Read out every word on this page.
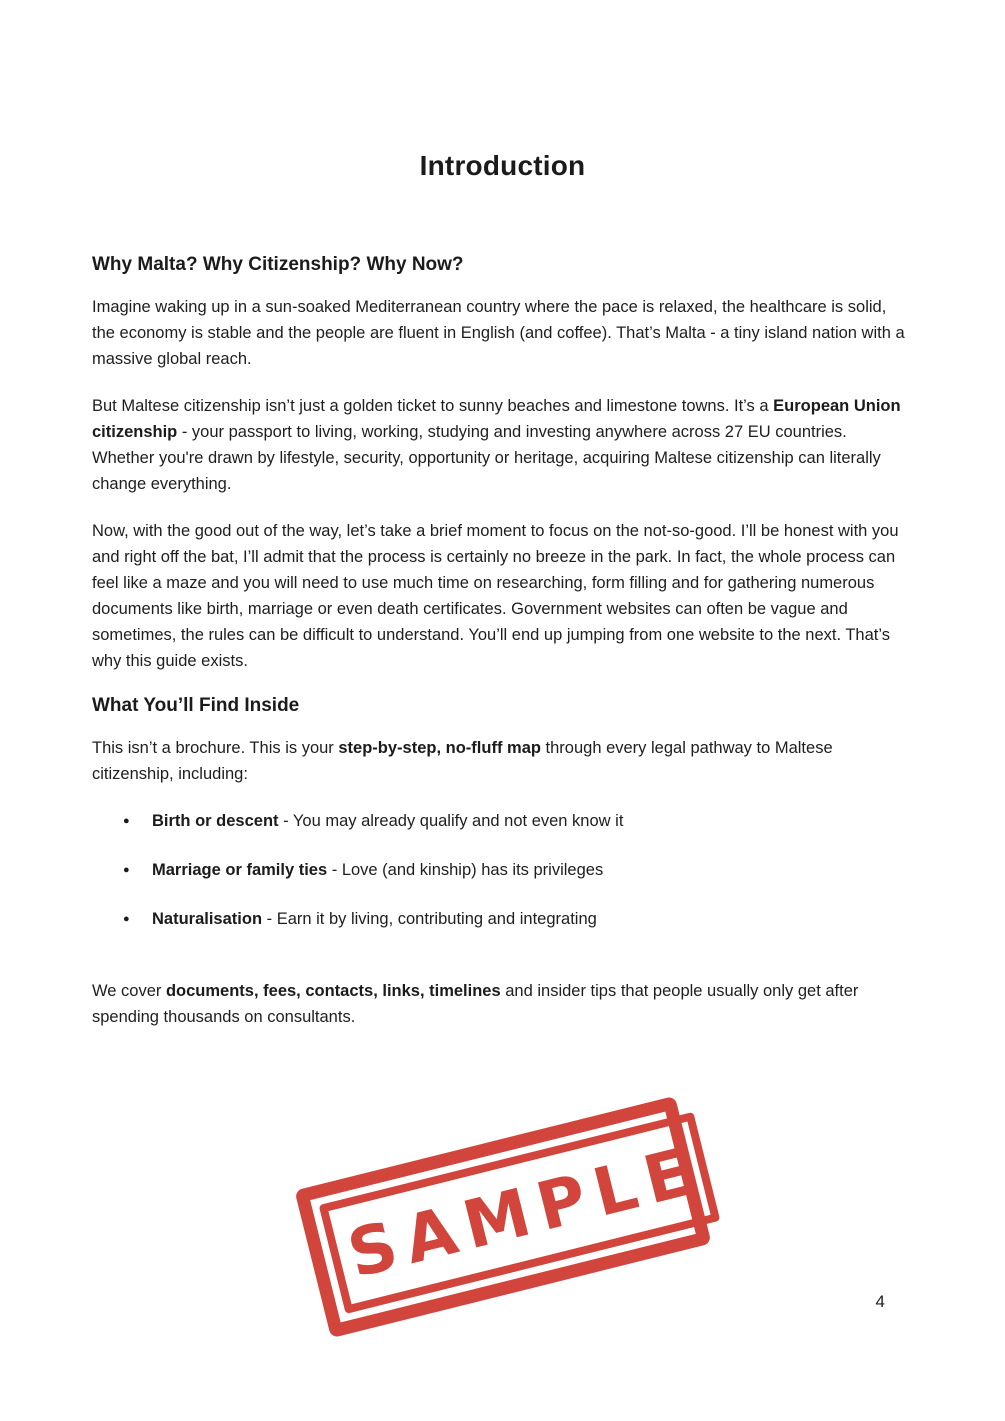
Introduction
Why Malta? Why Citizenship? Why Now?

Imagine waking up in a sun-soaked Mediterranean country where the pace is relaxed, the healthcare is solid, the economy is stable and the people are fluent in English (and coffee). That’s Malta - a tiny island nation with a massive global reach.

But Maltese citizenship isn’t just a golden ticket to sunny beaches and limestone towns. It’s a European Union citizenship - your passport to living, working, studying and investing anywhere across 27 EU countries. Whether you're drawn by lifestyle, security, opportunity or heritage, acquiring Maltese citizenship can literally change everything.

Now, with the good out of the way, let’s take a brief moment to focus on the not-so-good. I’ll be honest with you and right off the bat, I’ll admit that the process is certainly no breeze in the park. In fact, the whole process can feel like a maze and you will need to use much time on researching, form filling and for gathering numerous documents like birth, marriage or even death certificates. Government websites can often be vague and sometimes, the rules can be difficult to understand. You’ll end up jumping from one website to the next. That’s why this guide exists.

What You’ll Find Inside

This isn’t a brochure. This is your step-by-step, no-fluff map through every legal pathway to Maltese citizenship, including:

●	Birth or descent - You may already qualify and not even know it
●	Marriage or family ties - Love (and kinship) has its privileges
●	Naturalisation - Earn it by living, contributing and integrating

We cover documents, fees, contacts, links, timelines and insider tips that people usually only get after spending thousands on consultants.

SAMPLE
4
